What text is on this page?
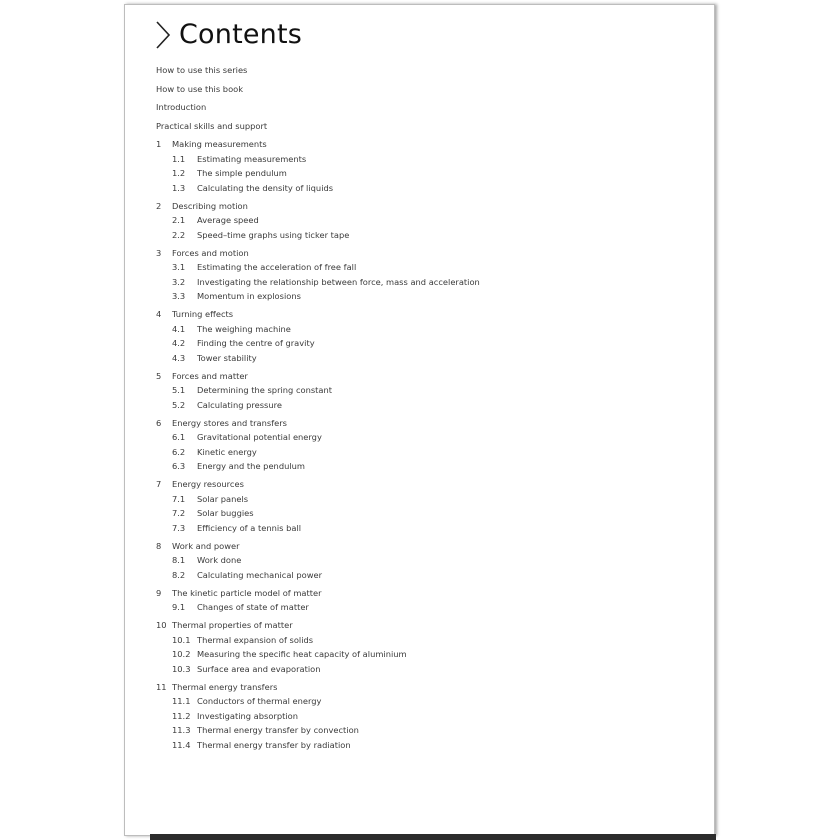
Contents
How to use this series
How to use this book
Introduction
Practical skills and support
1	Making measurements
1.1	Estimating measurements
1.2	The simple pendulum
1.3	Calculating the density of liquids
2	Describing motion
2.1	Average speed
2.2	Speed–time graphs using ticker tape
3	Forces and motion
3.1	Estimating the acceleration of free fall
3.2	Investigating the relationship between force, mass and acceleration
3.3	Momentum in explosions
4	Turning effects
4.1	The weighing machine
4.2	Finding the centre of gravity
4.3	Tower stability
5	Forces and matter
5.1	Determining the spring constant
5.2	Calculating pressure
6	Energy stores and transfers
6.1	Gravitational potential energy
6.2	Kinetic energy
6.3	Energy and the pendulum
7	Energy resources
7.1	Solar panels
7.2	Solar buggies
7.3	Efficiency of a tennis ball
8	Work and power
8.1	Work done
8.2	Calculating mechanical power
9	The kinetic particle model of matter
9.1	Changes of state of matter
10 Thermal properties of matter
10.1 Thermal expansion of solids
10.2 Measuring the specific heat capacity of aluminium
10.3 Surface area and evaporation
11 Thermal energy transfers
11.1 Conductors of thermal energy
11.2 Investigating absorption
11.3 Thermal energy transfer by convection
11.4 Thermal energy transfer by radiation
